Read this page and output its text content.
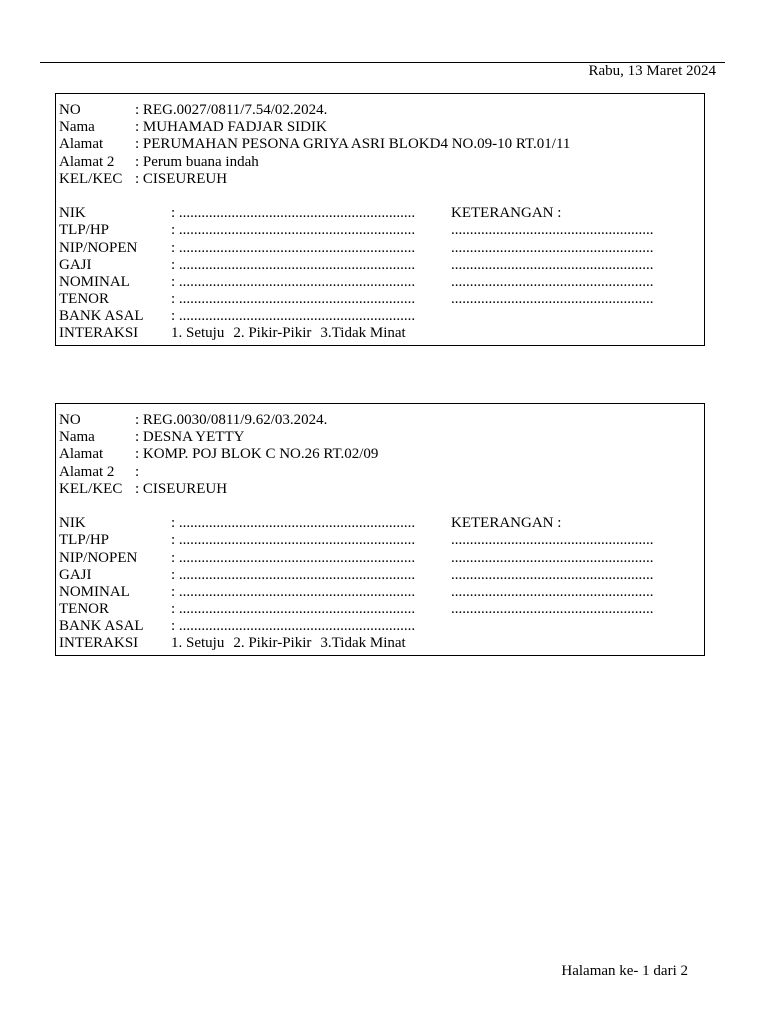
Rabu, 13 Maret 2024
NO	: REG.0027/0811/7.54/02.2024.
Nama	: MUHAMAD FADJAR SIDIK
Alamat : PERUMAHAN PESONA GRIYA ASRI BLOKD4 NO.09-10 RT.01/11
Alamat 2 : Perum buana indah
KEL/KEC : CISEUREUH
NIK	: ............................................................... KETERANGAN :
TLP/HP	: ............................................................... ......................................................
NIP/NOPEN : ............................................................... ......................................................
GAJI	: ............................................................... ......................................................
NOMINAL	: ............................................................... ......................................................
TENOR	: ............................................................... ......................................................
BANK ASAL : ...............................................................
INTERAKSI 1. Setuju 2. Pikir-Pikir 3.Tidak Minat
NO	: REG.0030/0811/9.62/03.2024.
Nama	: DESNA YETTY
Alamat : KOMP. POJ BLOK C NO.26 RT.02/09
Alamat 2 :
KEL/KEC : CISEUREUH
NIK	: ............................................................... KETERANGAN :
TLP/HP	: ............................................................... ......................................................
NIP/NOPEN : ............................................................... ......................................................
GAJI	: ............................................................... ......................................................
NOMINAL	: ............................................................... ......................................................
TENOR	: ............................................................... ......................................................
BANK ASAL : ...............................................................
INTERAKSI 1. Setuju 2. Pikir-Pikir 3.Tidak Minat
Halaman ke- 1 dari 2
